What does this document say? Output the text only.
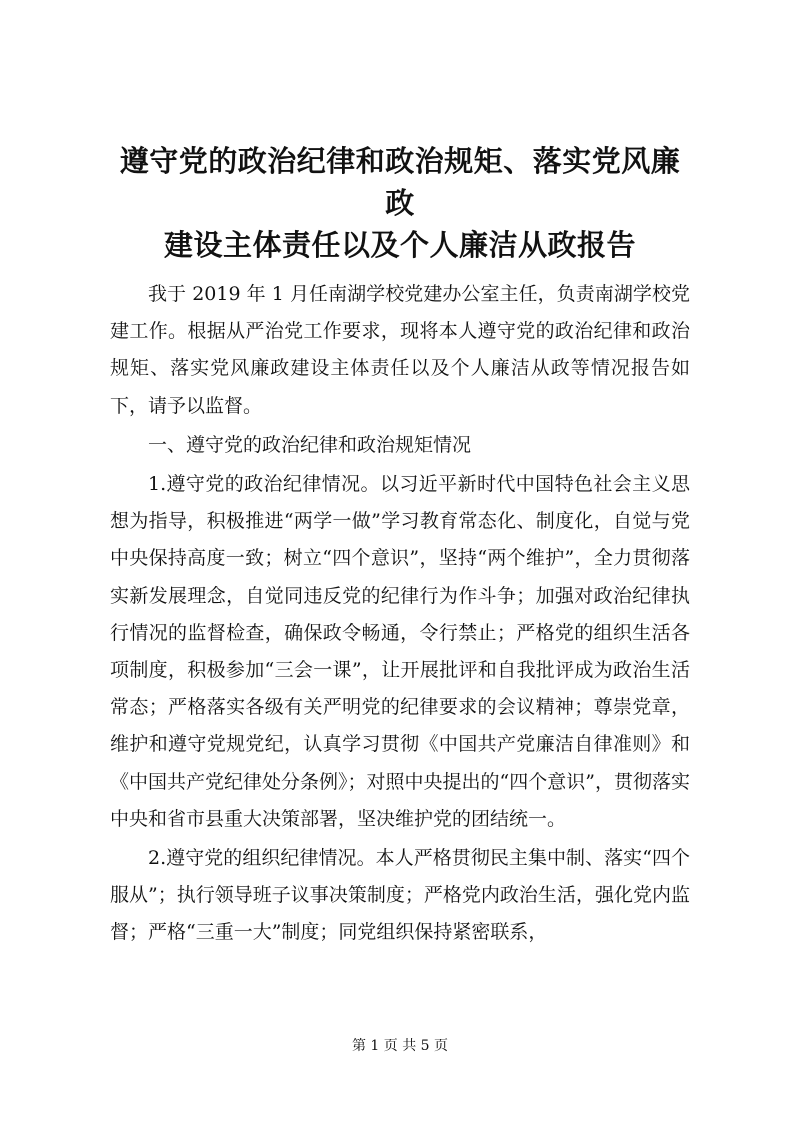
遵守党的政治纪律和政治规矩、落实党风廉政
建设主体责任以及个人廉洁从政报告

我于 2019 年 1 月任南湖学校党建办公室主任，负责南湖学校党建工作。根据从严治党工作要求，现将本人遵守党的政治纪律和政治规矩、落实党风廉政建设主体责任以及个人廉洁从政等情况报告如下，请予以监督。

一、遵守党的政治纪律和政治规矩情况

1.遵守党的政治纪律情况。以习近平新时代中国特色社会主义思想为指导，积极推进“两学一做”学习教育常态化、制度化，自觉与党中央保持高度一致；树立“四个意识”，坚持“两个维护”，全力贯彻落实新发展理念，自觉同违反党的纪律行为作斗争；加强对政治纪律执行情况的监督检查，确保政令畅通，令行禁止；严格党的组织生活各项制度，积极参加“三会一课”，让开展批评和自我批评成为政治生活常态；严格落实各级有关严明党的纪律要求的会议精神；尊崇党章，维护和遵守党规党纪，认真学习贯彻《中国共产党廉洁自律准则》和《中国共产党纪律处分条例》；对照中央提出的“四个意识”，贯彻落实中央和省市县重大决策部署，坚决维护党的团结统一。

2.遵守党的组织纪律情况。本人严格贯彻民主集中制、落实“四个服从”；执行领导班子议事决策制度；严格党内政治生活，强化党内监督；严格“三重一大”制度；同党组织保持紧密联系，

第 1 页 共 5 页
